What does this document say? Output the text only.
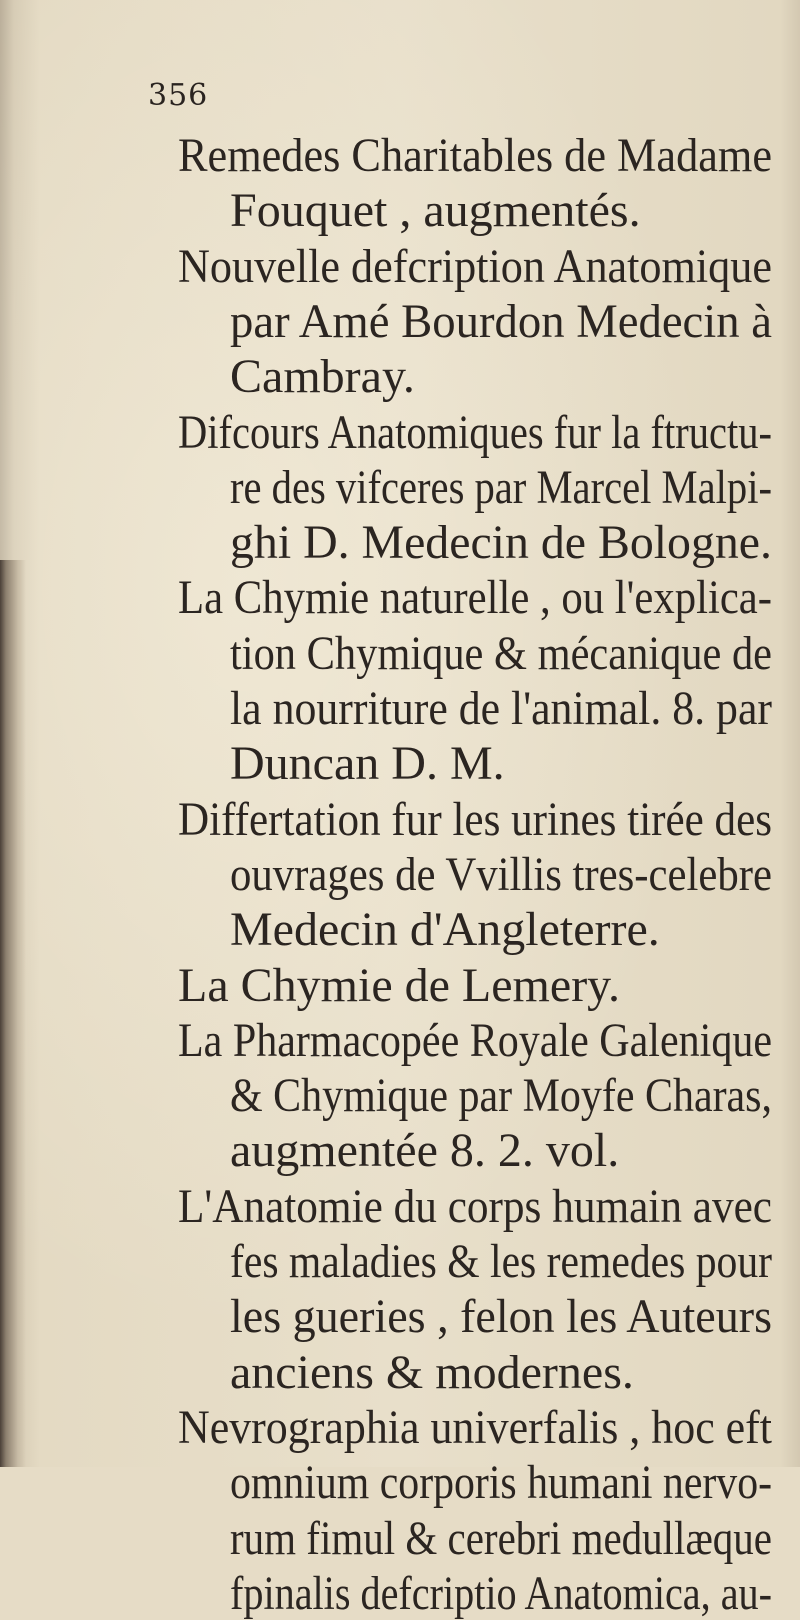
356
Remedes Charitables de Madame
Fouquet , augmentés.
Nouvelle defcription Anatomique
par Amé Bourdon Medecin à
Cambray.
Difcours Anatomiques fur la ftructu-
re des vifceres par Marcel Malpi-
ghi D. Medecin de Bologne.
La Chymie naturelle , ou l'explica-
tion Chymique & mécanique de
la nourriture de l'animal. 8. par
Duncan D. M.
Differtation fur les urines tirée des
ouvrages de Vvillis tres-celebre
Medecin d'Angleterre.
La Chymie de Lemery.
La Pharmacopée Royale Galenique
& Chymique par Moyfe Charas,
augmentée 8. 2. vol.
L'Anatomie du corps humain avec
fes maladies & les remedes pour
les gueries , felon les Auteurs
anciens & modernes.
Nevrographia univerfalis , hoc eft
omnium corporis humani nervo-
rum fimul & cerebri medullæque
fpinalis defcriptio Anatomica, au-
